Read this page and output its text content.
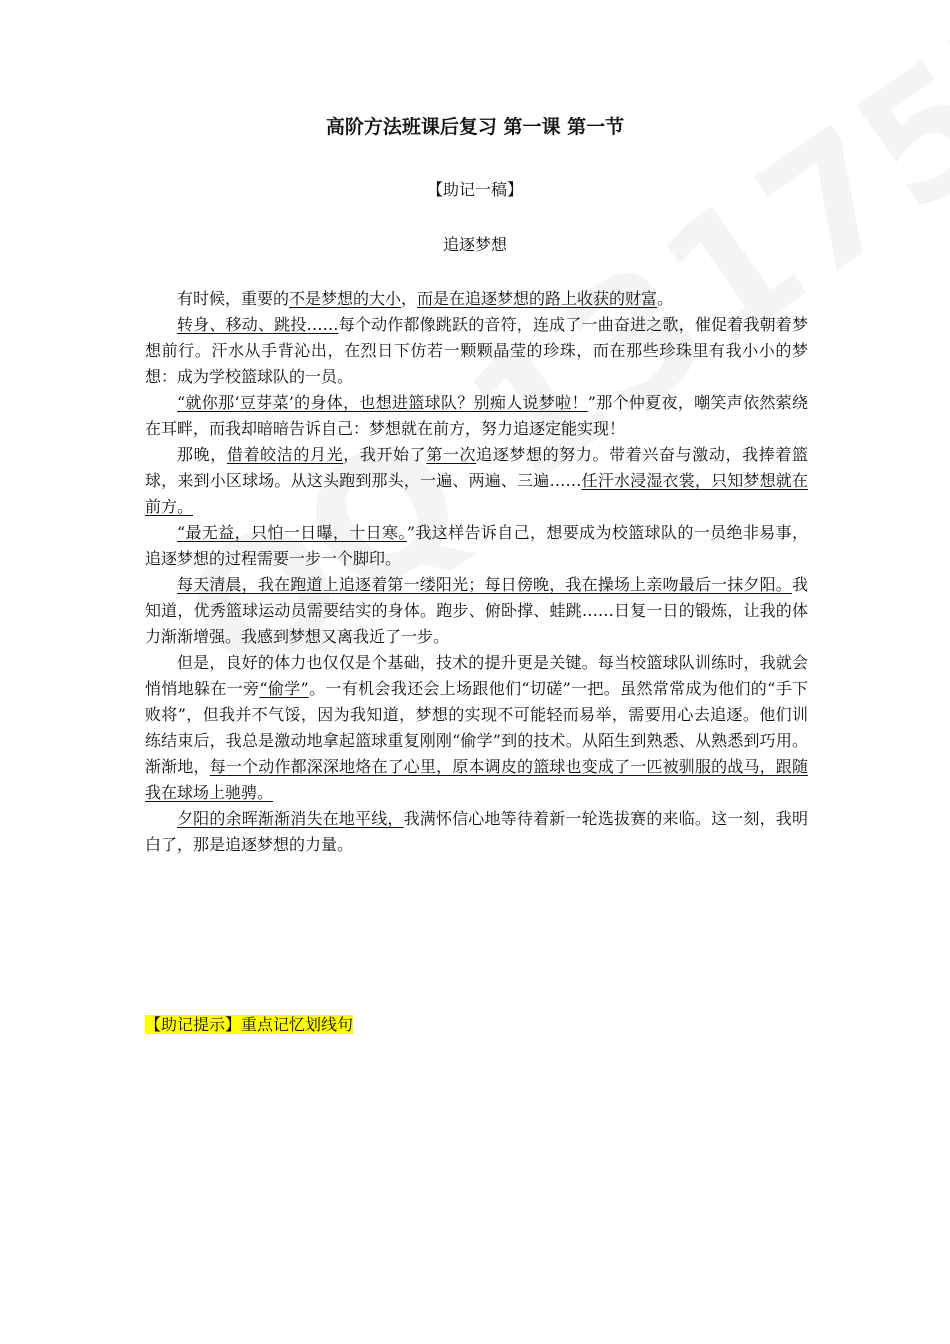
高阶方法班课后复习 第一课 第一节
【助记一稿】
追逐梦想

有时候，重要的不是梦想的大小，而是在追逐梦想的路上收获的财富。

转身、移动、跳投……每个动作都像跳跃的音符，连成了一曲奋进之歌，催促着我朝着梦想前行。汗水从手背沁出，在烈日下仿若一颗颗晶莹的珍珠，而在那些珍珠里有我小小的梦想：成为学校篮球队的一员。

“就你那‘豆芽菜’的身体，也想进篮球队？别痴人说梦啦！”那个仲夏夜，嘲笑声依然萦绕在耳畔，而我却暗暗告诉自己：梦想就在前方，努力追逐定能实现！

那晚，借着皎洁的月光，我开始了第一次追逐梦想的努力。带着兴奋与激动，我捧着篮球，来到小区球场。从这头跑到那头，一遍、两遍、三遍……任汗水浸湿衣裳，只知梦想就在前方。

“最无益，只怕一日曝，十日寒。”我这样告诉自己，想要成为校篮球队的一员绝非易事，追逐梦想的过程需要一步一个脚印。

每天清晨，我在跑道上追逐着第一缕阳光；每日傍晚，我在操场上亲吻最后一抹夕阳。我知道，优秀篮球运动员需要结实的身体。跑步、俯卧撑、蛙跳……日复一日的锻炼，让我的体力渐渐增强。我感到梦想又离我近了一步。

但是，良好的体力也仅仅是个基础，技术的提升更是关键。每当校篮球队训练时，我就会悄悄地躲在一旁“偷学”。一有机会我还会上场跟他们“切磋”一把。虽然常常成为他们的“手下败将”，但我并不气馁，因为我知道，梦想的实现不可能轻而易举，需要用心去追逐。他们训练结束后，我总是激动地拿起篮球重复刚刚“偷学”到的技术。从陌生到熟悉、从熟悉到巧用。渐渐地，每一个动作都深深地烙在了心里，原本调皮的篮球也变成了一匹被驯服的战马，跟随我在球场上驰骋。

夕阳的余晖渐渐消失在地平线，我满怀信心地等待着新一轮选拔赛的来临。这一刻，我明白了，那是追逐梦想的力量。

【助记提示】重点记忆划线句
